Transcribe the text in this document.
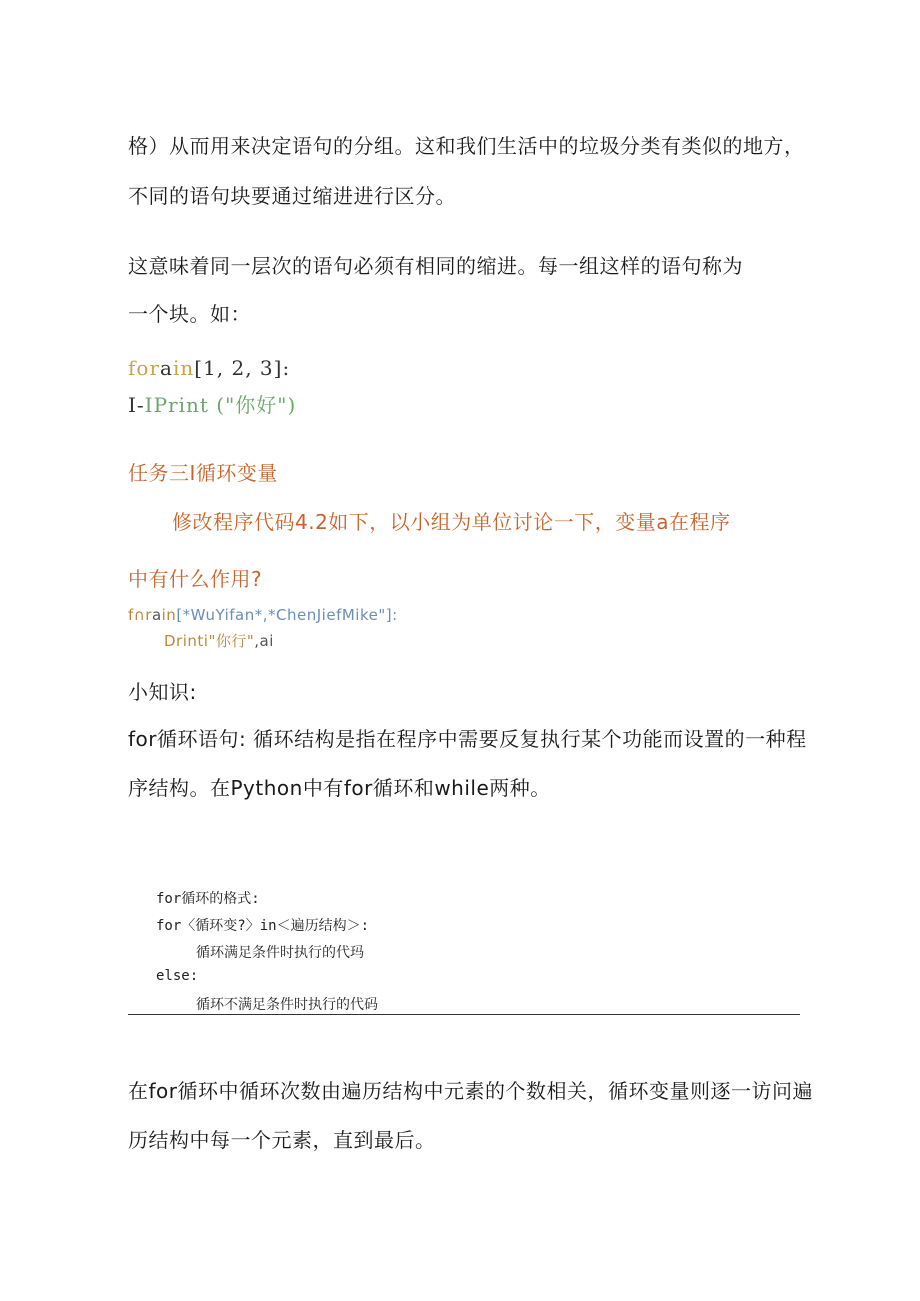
格）从而用来决定语句的分组。这和我们生活中的垃圾分类有类似的地方，
不同的语句块要通过缩进进行区分。
这意味着同一层次的语句必须有相同的缩进。每一组这样的语句称为
一个块。如：
forain[1, 2, 3]:
I-IPrint ("你好")
任务三I循环变量
修改程序代码4.2如下，以小组为单位讨论一下，变量a在程序
中有什么作用?
f∩rain[*WuYifan*,*ChenJiefMike"]:
Drinti"你行",ai
小知识:
for循环语句: 循环结构是指在程序中需要反复执行某个功能而设置的一种程
序结构。在Python中有for循环和while两种。
for循环的格式:
for〈循环变?〉in＜遍历结构＞:
循环满足条件时执行的代玛
else:
循环不满足条件时执行的代码
在for循环中循环次数由遍历结构中元素的个数相关，循环变量则逐一访问遍
历结构中每一个元素，直到最后。
